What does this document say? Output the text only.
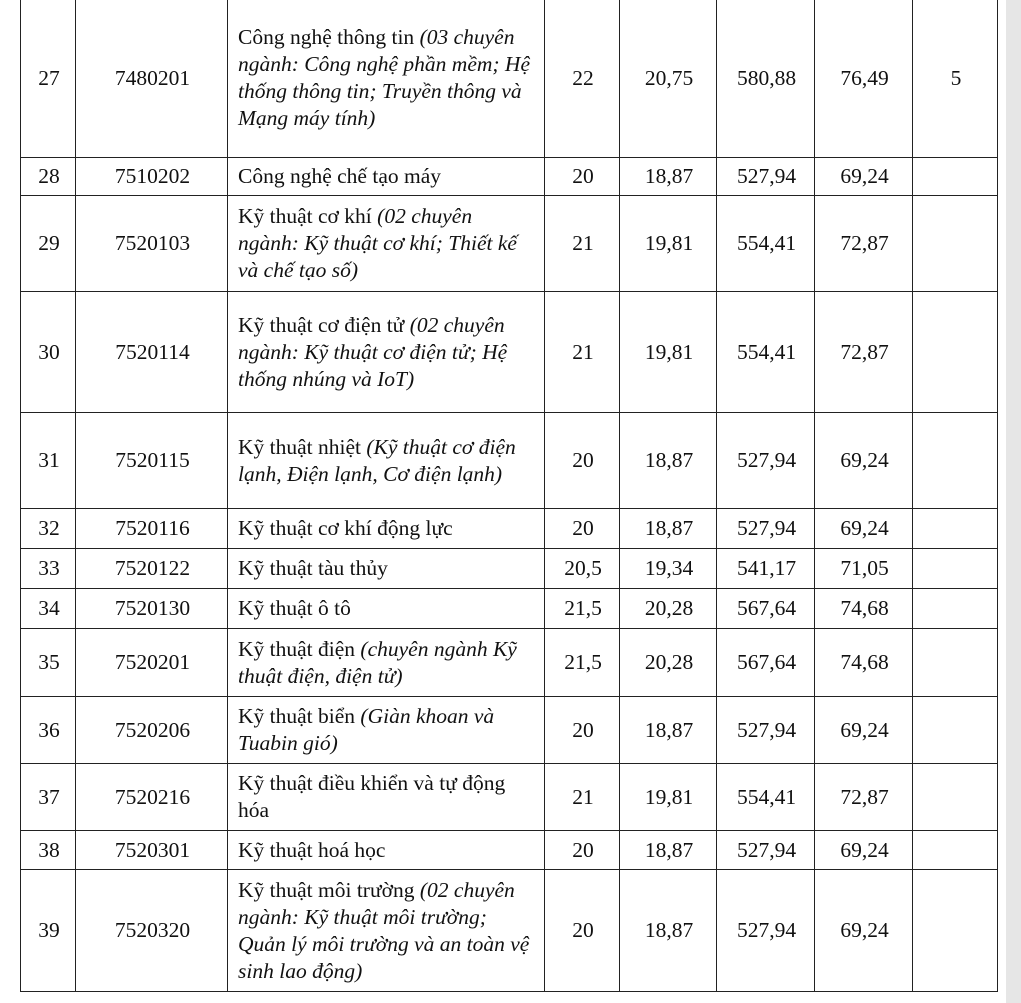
27	7480201	Công nghệ thông tin (03 chuyên ngành: Công nghệ phần mềm; Hệ thống thông tin; Truyền thông và Mạng máy tính)	22	20,75	580,88	76,49	5
28	7510202	Công nghệ chế tạo máy	20	18,87	527,94	69,24	
29	7520103	Kỹ thuật cơ khí (02 chuyên ngành: Kỹ thuật cơ khí; Thiết kế và chế tạo số)	21	19,81	554,41	72,87	
30	7520114	Kỹ thuật cơ điện tử (02 chuyên ngành: Kỹ thuật cơ điện tử; Hệ thống nhúng và IoT)	21	19,81	554,41	72,87	
31	7520115	Kỹ thuật nhiệt (Kỹ thuật cơ điện lạnh, Điện lạnh, Cơ điện lạnh)	20	18,87	527,94	69,24	
32	7520116	Kỹ thuật cơ khí động lực	20	18,87	527,94	69,24	
33	7520122	Kỹ thuật tàu thủy	20,5	19,34	541,17	71,05	
34	7520130	Kỹ thuật ô tô	21,5	20,28	567,64	74,68	
35	7520201	Kỹ thuật điện (chuyên ngành Kỹ thuật điện, điện tử)	21,5	20,28	567,64	74,68	
36	7520206	Kỹ thuật biển (Giàn khoan và Tuabin gió)	20	18,87	527,94	69,24	
37	7520216	Kỹ thuật điều khiển và tự động hóa	21	19,81	554,41	72,87	
38	7520301	Kỹ thuật hoá học	20	18,87	527,94	69,24	
39	7520320	Kỹ thuật môi trường (02 chuyên ngành: Kỹ thuật môi trường; Quản lý môi trường và an toàn vệ sinh lao động)	20	18,87	527,94	69,24	
